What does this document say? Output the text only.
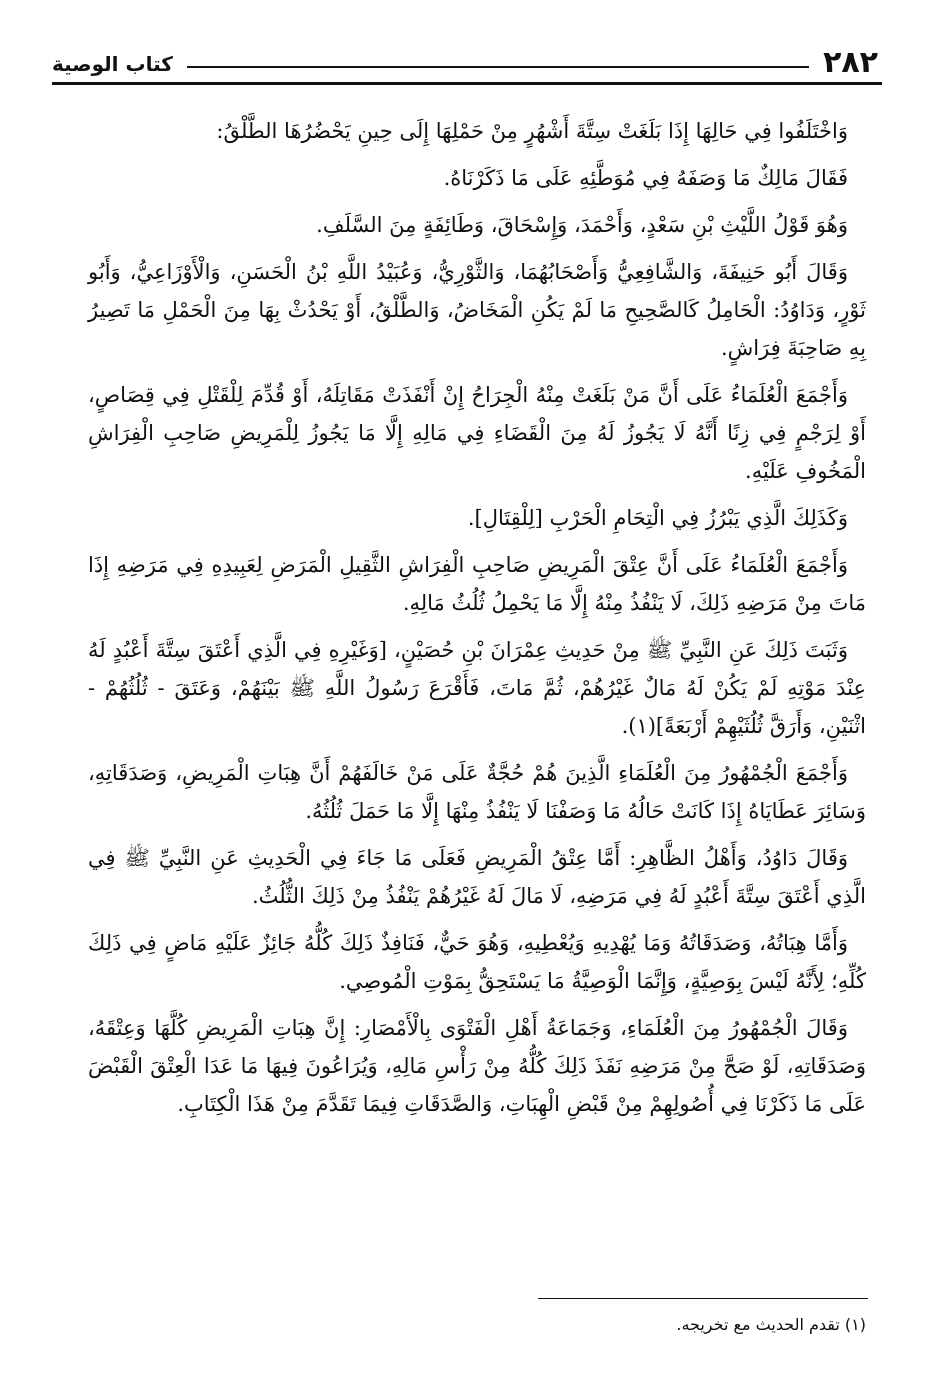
٢٨٢
كتاب الوصية

وَاخْتَلَفُوا فِي حَالِهَا إِذَا بَلَغَتْ سِتَّةَ أَشْهُرٍ مِنْ حَمْلِهَا إِلَى حِينِ يَحْضُرُهَا الطَّلْقُ:

فَقَالَ مَالِكٌ مَا وَصَفَهُ فِي مُوَطَّئِهِ عَلَى مَا ذَكَرْنَاهُ.

وَهُوَ قَوْلُ اللَّيْثِ بْنِ سَعْدٍ، وَأَحْمَدَ، وَإِسْحَاقَ، وَطَائِفَةٍ مِنَ السَّلَفِ.

وَقَالَ أَبُو حَنِيفَةَ، وَالشَّافِعِيُّ وَأَصْحَابُهُمَا، وَالثَّوْرِيُّ، وَعُبَيْدُ اللَّهِ بْنُ الْحَسَنِ، وَالْأَوْزَاعِيُّ، وَأَبُو ثَوْرٍ، وَدَاوُدُ: الْحَامِلُ كَالصَّحِيحِ مَا لَمْ يَكُنِ الْمَخَاضُ، وَالطَّلْقُ، أَوْ يَحْدُثْ بِهَا مِنَ الْحَمْلِ مَا تَصِيرُ بِهِ صَاحِبَةَ فِرَاشٍ.

وَأَجْمَعَ الْعُلَمَاءُ عَلَى أَنَّ مَنْ بَلَغَتْ مِنْهُ الْجِرَاحُ إِنْ أَنْفَذَتْ مَقَاتِلَهُ، أَوْ قُدِّمَ لِلْقَتْلِ فِي قِصَاصٍ، أَوْ لِرَجْمٍ فِي زِنًا أَنَّهُ لَا يَجُوزُ لَهُ مِنَ الْقَضَاءِ فِي مَالِهِ إِلَّا مَا يَجُوزُ لِلْمَرِيضِ صَاحِبِ الْفِرَاشِ الْمَخُوفِ عَلَيْهِ.

وَكَذَلِكَ الَّذِي يَبْرُزُ فِي الْتِحَامِ الْحَرْبِ [لِلْقِتَالِ].

وَأَجْمَعَ الْعُلَمَاءُ عَلَى أَنَّ عِتْقَ الْمَرِيضِ صَاحِبِ الْفِرَاشِ الثَّقِيلِ الْمَرَضِ لِعَبِيدِهِ فِي مَرَضِهِ إِذَا مَاتَ مِنْ مَرَضِهِ ذَلِكَ، لَا يَنْفُذُ مِنْهُ إِلَّا مَا يَحْمِلُ ثُلُثُ مَالِهِ.

وَثَبَتَ ذَلِكَ عَنِ النَّبِيِّ ﷺ مِنْ حَدِيثِ عِمْرَانَ بْنِ حُصَيْنٍ، [وَغَيْرِهِ فِي الَّذِي أَعْتَقَ سِتَّةَ أَعْبُدٍ لَهُ عِنْدَ مَوْتِهِ لَمْ يَكُنْ لَهُ مَالٌ غَيْرُهُمْ، ثُمَّ مَاتَ، فَأَقْرَعَ رَسُولُ اللَّهِ ﷺ بَيْنَهُمْ، وَعَتَقَ - ثُلُثُهُمْ - اثْنَيْنِ، وَأَرَقَّ ثُلُثَيْهِمْ أَرْبَعَةً](١).

وَأَجْمَعَ الْجُمْهُورُ مِنَ الْعُلَمَاءِ الَّذِينَ هُمْ حُجَّةٌ عَلَى مَنْ خَالَفَهُمْ أَنَّ هِبَاتِ الْمَرِيضِ، وَصَدَقَاتِهِ، وَسَائِرَ عَطَايَاهُ إِذَا كَانَتْ حَالُهُ مَا وَصَفْنَا لَا يَنْفُذُ مِنْهَا إِلَّا مَا حَمَلَ ثُلُثُهُ.

وَقَالَ دَاوُدُ، وَأَهْلُ الظَّاهِرِ: أَمَّا عِتْقُ الْمَرِيضِ فَعَلَى مَا جَاءَ فِي الْحَدِيثِ عَنِ النَّبِيِّ ﷺ فِي الَّذِي أَعْتَقَ سِتَّةَ أَعْبُدٍ لَهُ فِي مَرَضِهِ، لَا مَالَ لَهُ غَيْرُهُمْ يَنْفُذُ مِنْ ذَلِكَ الثُّلُثُ.

وَأَمَّا هِبَاتُهُ، وَصَدَقَاتُهُ وَمَا يُهْدِيهِ وَيُعْطِيهِ، وَهُوَ حَيٌّ، فَنَافِذٌ ذَلِكَ كُلُّهُ جَائِزٌ عَلَيْهِ مَاضٍ فِي ذَلِكَ كُلِّهِ؛ لِأَنَّهُ لَيْسَ بِوَصِيَّةٍ، وَإِنَّمَا الْوَصِيَّةُ مَا يَسْتَحِقُّ بِمَوْتِ الْمُوصِي.

وَقَالَ الْجُمْهُورُ مِنَ الْعُلَمَاءِ، وَجَمَاعَةُ أَهْلِ الْفَتْوَى بِالْأَمْصَارِ: إِنَّ هِبَاتِ الْمَرِيضِ كُلَّهَا وَعِتْقَهُ، وَصَدَقَاتِهِ، لَوْ صَحَّ مِنْ مَرَضِهِ نَفَذَ ذَلِكَ كُلُّهُ مِنْ رَأْسِ مَالِهِ، وَيُرَاعُونَ فِيهَا مَا عَدَا الْعِتْقَ الْقَبْضَ عَلَى مَا ذَكَرْنَا فِي أُصُولِهِمْ مِنْ قَبْضِ الْهِبَاتِ، وَالصَّدَقَاتِ فِيمَا تَقَدَّمَ مِنْ هَذَا الْكِتَابِ.

(١) تقدم الحديث مع تخريجه.
